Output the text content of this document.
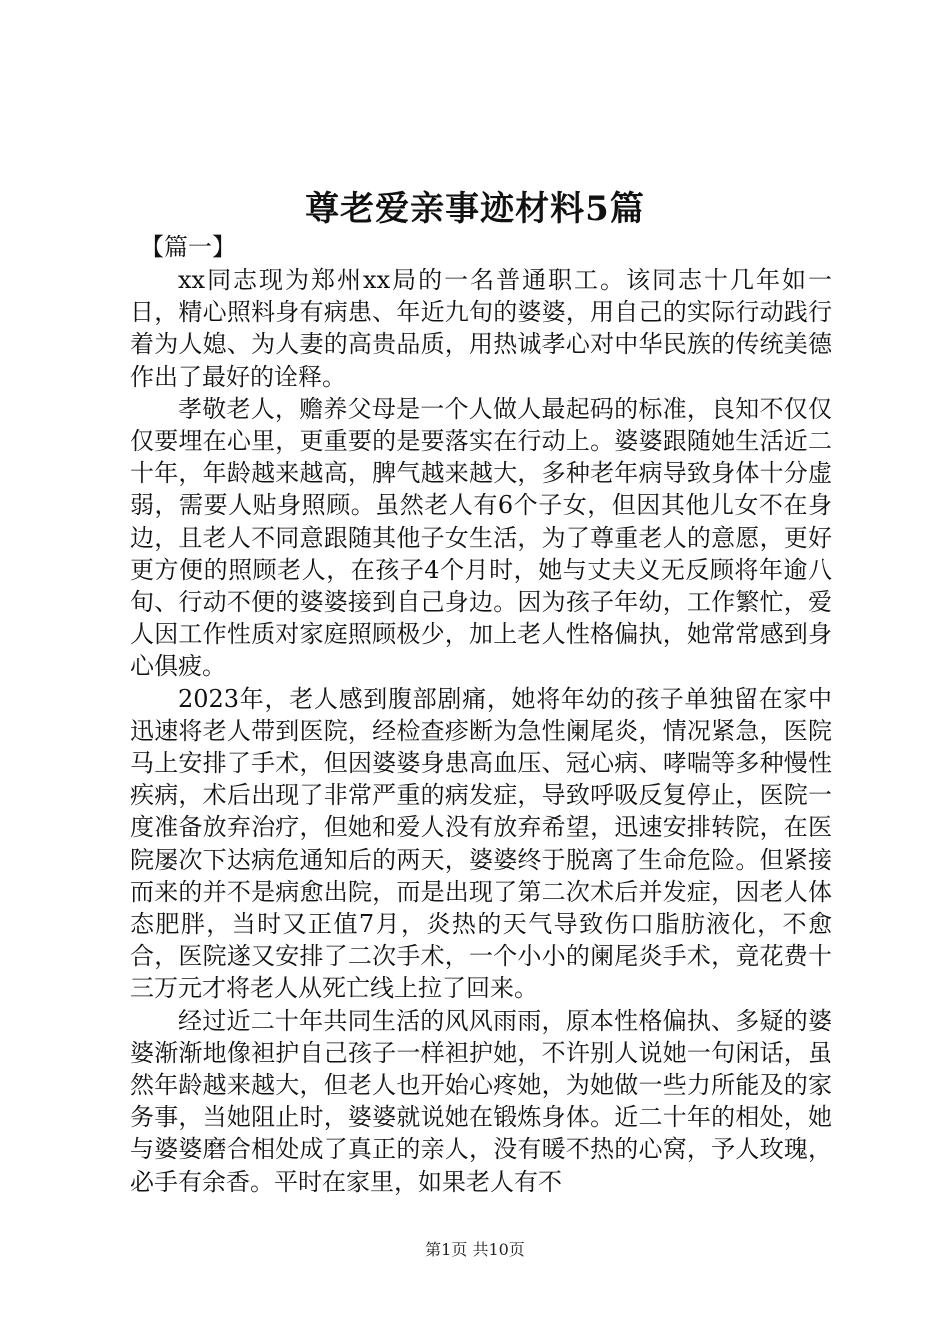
尊老爱亲事迹材料5篇
【篇一】

xx同志现为郑州xx局的一名普通职工。该同志十几年如一日，精心照料身有病患、年近九旬的婆婆，用自己的实际行动践行着为人媳、为人妻的高贵品质，用热诚孝心对中华民族的传统美德作出了最好的诠释。

孝敬老人，赡养父母是一个人做人最起码的标准，良知不仅仅仅要埋在心里，更重要的是要落实在行动上。婆婆跟随她生活近二十年，年龄越来越高，脾气越来越大，多种老年病导致身体十分虚弱，需要人贴身照顾。虽然老人有6个子女，但因其他儿女不在身边，且老人不同意跟随其他子女生活，为了尊重老人的意愿，更好更方便的照顾老人，在孩子4个月时，她与丈夫义无反顾将年逾八旬、行动不便的婆婆接到自己身边。因为孩子年幼，工作繁忙，爱人因工作性质对家庭照顾极少，加上老人性格偏执，她常常感到身心俱疲。

2023年，老人感到腹部剧痛，她将年幼的孩子单独留在家中迅速将老人带到医院，经检查疹断为急性阑尾炎，情况紧急，医院马上安排了手术，但因婆婆身患高血压、冠心病、哮喘等多种慢性疾病，术后出现了非常严重的病发症，导致呼吸反复停止，医院一度准备放弃治疗，但她和爱人没有放弃希望，迅速安排转院，在医院屡次下达病危通知后的两天，婆婆终于脱离了生命危险。但紧接而来的并不是病愈出院，而是出现了第二次术后并发症，因老人体态肥胖，当时又正值7月，炎热的天气导致伤口脂肪液化，不愈合，医院遂又安排了二次手术，一个小小的阑尾炎手术，竟花费十三万元才将老人从死亡线上拉了回来。

经过近二十年共同生活的风风雨雨，原本性格偏执、多疑的婆婆渐渐地像袒护自己孩子一样袒护她，不许别人说她一句闲话，虽然年龄越来越大，但老人也开始心疼她，为她做一些力所能及的家务事，当她阻止时，婆婆就说她在锻炼身体。近二十年的相处，她与婆婆磨合相处成了真正的亲人，没有暖不热的心窝，予人玫瑰，必手有余香。平时在家里，如果老人有不

第1页 共10页
